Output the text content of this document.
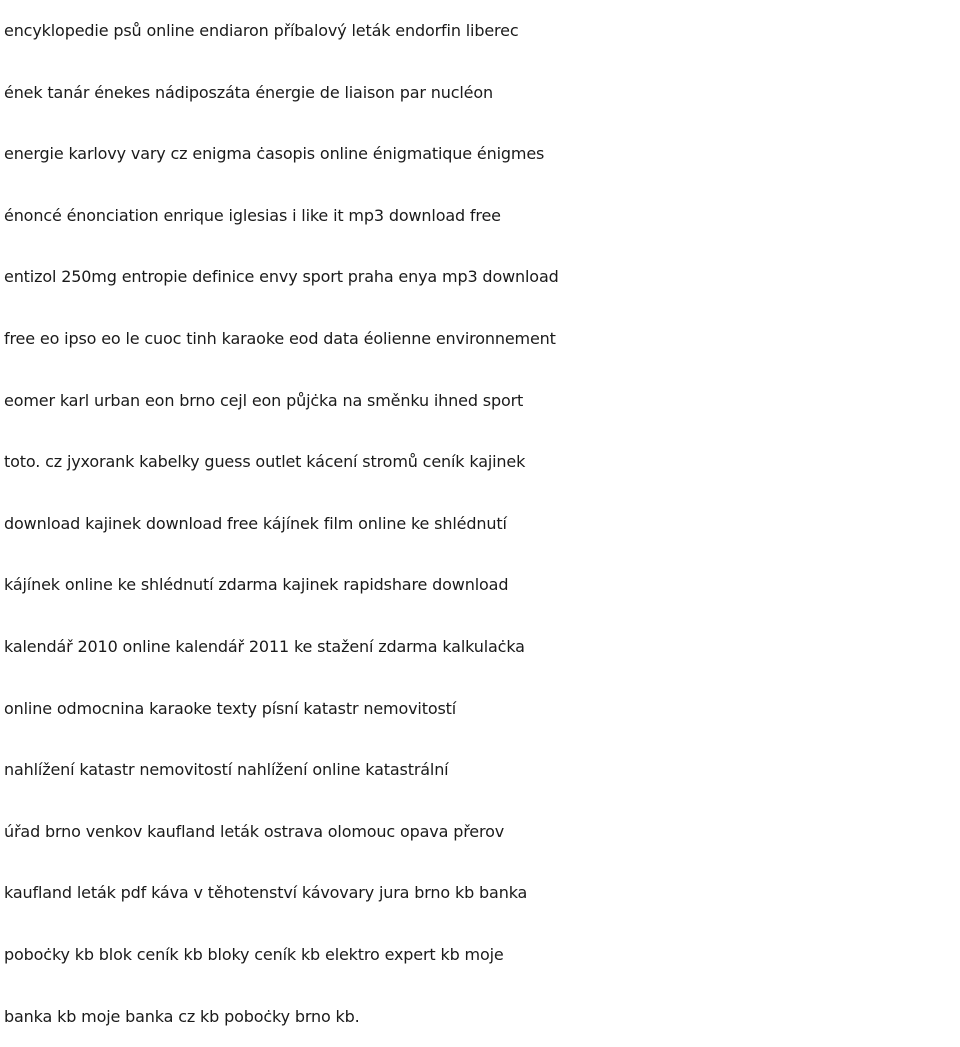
encyklopedie psů online endiaron příbalový leták endorfin liberec
ének tanár énekes nádiposzáta énergie de liaison par nucléon
energie karlovy vary cz enigma ċasopis online énigmatique énigmes
énoncé énonciation enrique iglesias i like it mp3 download free
entizol 250mg entropie definice envy sport praha enya mp3 download
free eo ipso eo le cuoc tinh karaoke eod data éolienne environnement
eomer karl urban eon brno cejl eon půjċka na směnku ihned sport
toto. cz jyxorank kabelky guess outlet kácení stromů ceník kajinek
download kajinek download free kájínek film online ke shlédnutí
kájínek online ke shlédnutí zdarma kajinek rapidshare download
kalendář 2010 online kalendář 2011 ke stažení zdarma kalkulaċka
online odmocnina karaoke texty písní katastr nemovitostí
nahlížení katastr nemovitostí nahlížení online katastrální
úřad brno venkov kaufland leták ostrava olomouc opava přerov
kaufland leták pdf káva v těhotenství kávovary jura brno kb banka
poboċky kb blok ceník kb bloky ceník kb elektro expert kb moje
banka kb moje banka cz kb poboċky brno kb.
